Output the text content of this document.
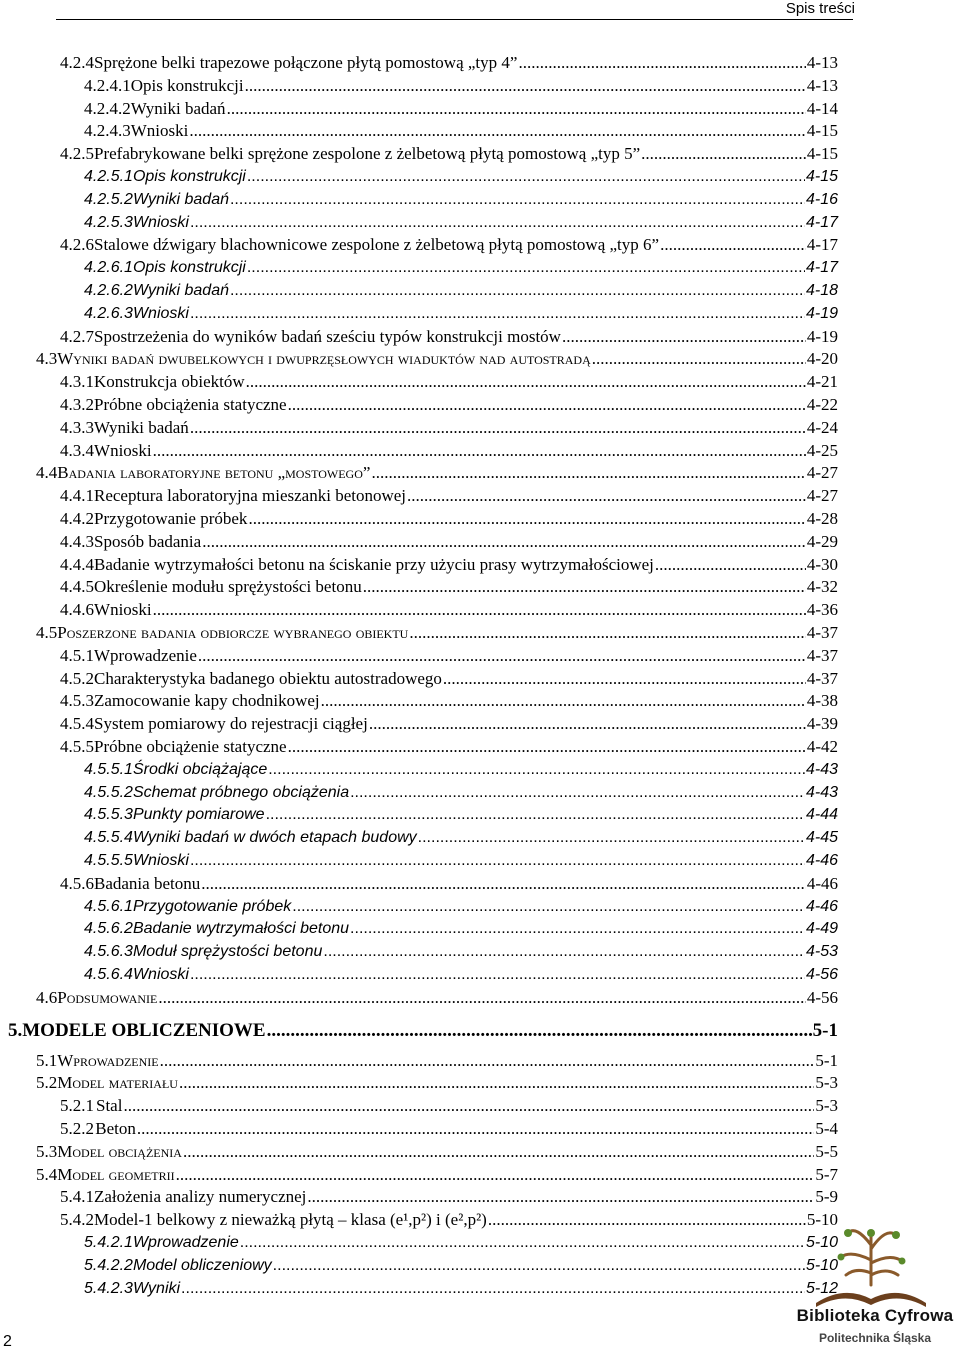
Spis treści
4.2.4 Sprężone belki trapezowe połączone płytą pomostową „typ 4” .....	4-13
4.2.4.1 Opis konstrukcji .....	4-13
4.2.4.2 Wyniki badań .....	4-14
4.2.4.3 Wnioski .....	4-15
4.2.5 Prefabrykowane belki sprężone zespolone z żelbetową płytą pomostową „typ 5” .....	4-15
4.2.5.1 Opis konstrukcji .....	4-15
4.2.5.2 Wyniki badań .....	4-16
4.2.5.3 Wnioski .....	4-17
4.2.6 Stalowe dźwigary blachownicowe zespolone z żelbetową płytą pomostową „typ 6” .....	4-17
4.2.6.1 Opis konstrukcji .....	4-17
4.2.6.2 Wyniki badań .....	4-18
4.2.6.3 Wnioski .....	4-19
4.2.7 Spostrzeżenia do wyników badań sześciu typów konstrukcji mostów .....	4-19
4.3 Wyniki badań dwubelkowych i dwuprzęsłowych wiaduktów nad autostradą .....	4-20
4.3.1 Konstrukcja obiektów .....	4-21
4.3.2 Próbne obciążenia statyczne .....	4-22
4.3.3 Wyniki badań .....	4-24
4.3.4 Wnioski .....	4-25
4.4 Badania laboratoryjne betonu „mostowego” .....	4-27
4.4.1 Receptura laboratoryjna mieszanki betonowej .....	4-27
4.4.2 Przygotowanie próbek .....	4-28
4.4.3 Sposób badania .....	4-29
4.4.4 Badanie wytrzymałości betonu na ściskanie przy użyciu prasy wytrzymałościowej .....	4-30
4.4.5 Określenie modułu sprężystości betonu .....	4-32
4.4.6 Wnioski .....	4-36
4.5 Poszerzone badania odbiorcze wybranego obiektu .....	4-37
4.5.1 Wprowadzenie .....	4-37
4.5.2 Charakterystyka badanego obiektu autostradowego .....	4-37
4.5.3 Zamocowanie kapy chodnikowej .....	4-38
4.5.4 System pomiarowy do rejestracji ciągłej .....	4-39
4.5.5 Próbne obciążenie statyczne .....	4-42
4.5.5.1 Środki obciążające .....	4-43
4.5.5.2 Schemat próbnego obciążenia .....	4-43
4.5.5.3 Punkty pomiarowe .....	4-44
4.5.5.4 Wyniki badań w dwóch etapach budowy .....	4-45
4.5.5.5 Wnioski .....	4-46
4.5.6 Badania betonu .....	4-46
4.5.6.1 Przygotowanie próbek .....	4-46
4.5.6.2 Badanie wytrzymałości betonu .....	4-49
4.5.6.3 Moduł sprężystości betonu .....	4-53
4.5.6.4 Wnioski .....	4-56
4.6 Podsumowanie .....	4-56
5. MODELE OBLICZENIOWE .....	5-1
5.1 Wprowadzenie .....	5-1
5.2 Model materiału .....	5-3
5.2.1 Stal .....	5-3
5.2.2 Beton .....	5-4
5.3 Model obciążenia .....	5-5
5.4 Model geometrii .....	5-7
5.4.1 Założenia analizy numerycznej .....	5-9
5.4.2 Model-1 belkowy z nieważką płytą – klasa (e¹,p²) i (e²,p²) .....	5-10
5.4.2.1 Wprowadzenie .....	5-10
5.4.2.2 Model obliczeniowy .....	5-10
5.4.2.3 Wyniki .....	5-12
2
Biblioteka Cyfrowa
Politechnika Śląska
